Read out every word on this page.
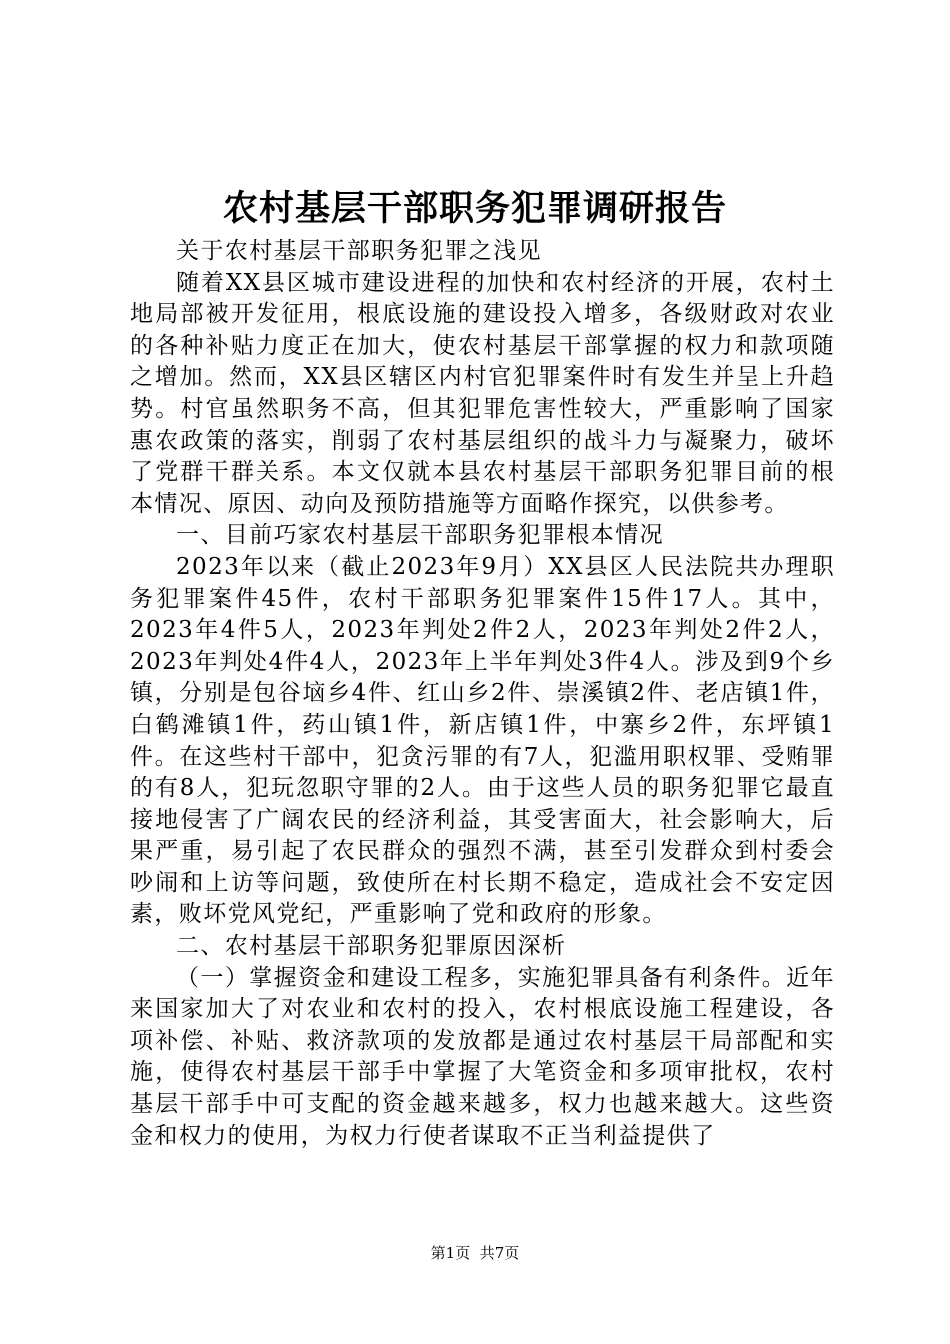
农村基层干部职务犯罪调研报告

关于农村基层干部职务犯罪之浅见

随着XX县区城市建设进程的加快和农村经济的开展，农村土地局部被开发征用，根底设施的建设投入增多，各级财政对农业的各种补贴力度正在加大，使农村基层干部掌握的权力和款项随之增加。然而，XX县区辖区内村官犯罪案件时有发生并呈上升趋势。村官虽然职务不高，但其犯罪危害性较大，严重影响了国家惠农政策的落实，削弱了农村基层组织的战斗力与凝聚力，破坏了党群干群关系。本文仅就本县农村基层干部职务犯罪目前的根本情况、原因、动向及预防措施等方面略作探究，以供参考。

一、目前巧家农村基层干部职务犯罪根本情况

2023年以来（截止2023年9月）XX县区人民法院共办理职务犯罪案件45件，农村干部职务犯罪案件15件17人。其中，2023年4件5人，2023年判处2件2人，2023年判处2件2人，2023年判处4件4人，2023年上半年判处3件4人。涉及到9个乡镇，分别是包谷垴乡4件、红山乡2件、崇溪镇2件、老店镇1件，白鹤滩镇1件，药山镇1件，新店镇1件，中寨乡2件，东坪镇1件。在这些村干部中，犯贪污罪的有7人，犯滥用职权罪、受贿罪的有8人，犯玩忽职守罪的2人。由于这些人员的职务犯罪它最直接地侵害了广阔农民的经济利益，其受害面大，社会影响大，后果严重，易引起了农民群众的强烈不满，甚至引发群众到村委会吵闹和上访等问题，致使所在村长期不稳定，造成社会不安定因素，败坏党风党纪，严重影响了党和政府的形象。

二、农村基层干部职务犯罪原因深析

（一）掌握资金和建设工程多，实施犯罪具备有利条件。近年来国家加大了对农业和农村的投入，农村根底设施工程建设，各项补偿、补贴、救济款项的发放都是通过农村基层干局部配和实施，使得农村基层干部手中掌握了大笔资金和多项审批权，农村基层干部手中可支配的资金越来越多，权力也越来越大。这些资金和权力的使用，为权力行使者谋取不正当利益提供了

第1页 共7页
